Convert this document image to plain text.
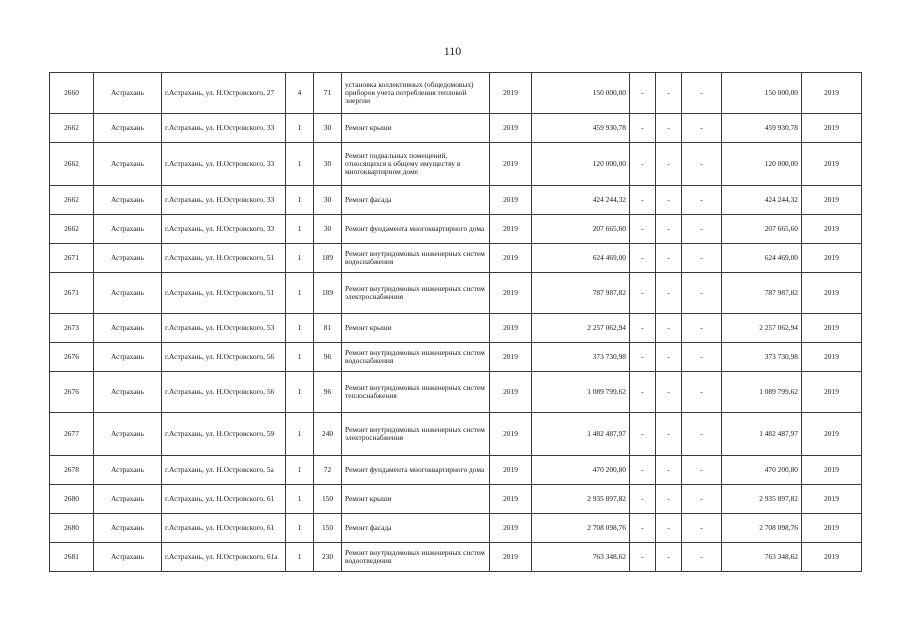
110
2660	Астрахань	г.Астрахань, ул. Н.Островского, 27	4	71	установка коллективных (общедомовых) приборов учета потребления тепловой энергии	2019	150 000,00	-	-	-	150 000,00	2019
2662	Астрахань	г.Астрахань, ул. Н.Островского, 33	1	30	Ремонт крыши	2019	459 930,78	-	-	-	459 930,78	2019
2662	Астрахань	г.Астрахань, ул. Н.Островского, 33	1	30	Ремонт подвальных помещений, относящихся к общему имуществу в многоквартирном доме	2019	120 000,00	-	-	-	120 000,00	2019
2662	Астрахань	г.Астрахань, ул. Н.Островского, 33	1	30	Ремонт фасада	2019	424 244,32	-	-	-	424 244,32	2019
2662	Астрахань	г.Астрахань, ул. Н.Островского, 33	1	30	Ремонт фундамента многоквартирного дома	2019	207 665,60	-	-	-	207 665,60	2019
2671	Астрахань	г.Астрахань, ул. Н.Островского, 51	1	189	Ремонт внутридомовых инженерных систем водоснабжения	2019	624 469,00	-	-	-	624 469,00	2019
2671	Астрахань	г.Астрахань, ул. Н.Островского, 51	1	189	Ремонт внутридомовых инженерных систем электроснабжения	2019	787 987,82	-	-	-	787 987,82	2019
2673	Астрахань	г.Астрахань, ул. Н.Островского, 53	1	81	Ремонт крыши	2019	2 257 062,94	-	-	-	2 257 062,94	2019
2676	Астрахань	г.Астрахань, ул. Н.Островского, 56	1	96	Ремонт внутридомовых инженерных систем водоснабжения	2019	373 730,98	-	-	-	373 730,98	2019
2676	Астрахань	г.Астрахань, ул. Н.Островского, 56	1	96	Ремонт внутридомовых инженерных систем теплоснабжения	2019	1 089 799,62	-	-	-	1 089 799,62	2019
2677	Астрахань	г.Астрахань, ул. Н.Островского, 59	1	240	Ремонт внутридомовых инженерных систем электроснабжения	2019	1 482 487,97	-	-	-	1 482 487,97	2019
2678	Астрахань	г.Астрахань, ул. Н.Островского, 5а	1	72	Ремонт фундамента многоквартирного дома	2019	470 200,80	-	-	-	470 200,80	2019
2680	Астрахань	г.Астрахань, ул. Н.Островского, 61	1	150	Ремонт крыши	2019	2 935 897,82	-	-	-	2 935 897,82	2019
2680	Астрахань	г.Астрахань, ул. Н.Островского, 61	1	150	Ремонт фасада	2019	2 708 098,76	-	-	-	2 708 098,76	2019
2681	Астрахань	г.Астрахань, ул. Н.Островского, 61а	1	230	Ремонт внутридомовых инженерных систем водоотведения	2019	763 348,62	-	-	-	763 348,62	2019
